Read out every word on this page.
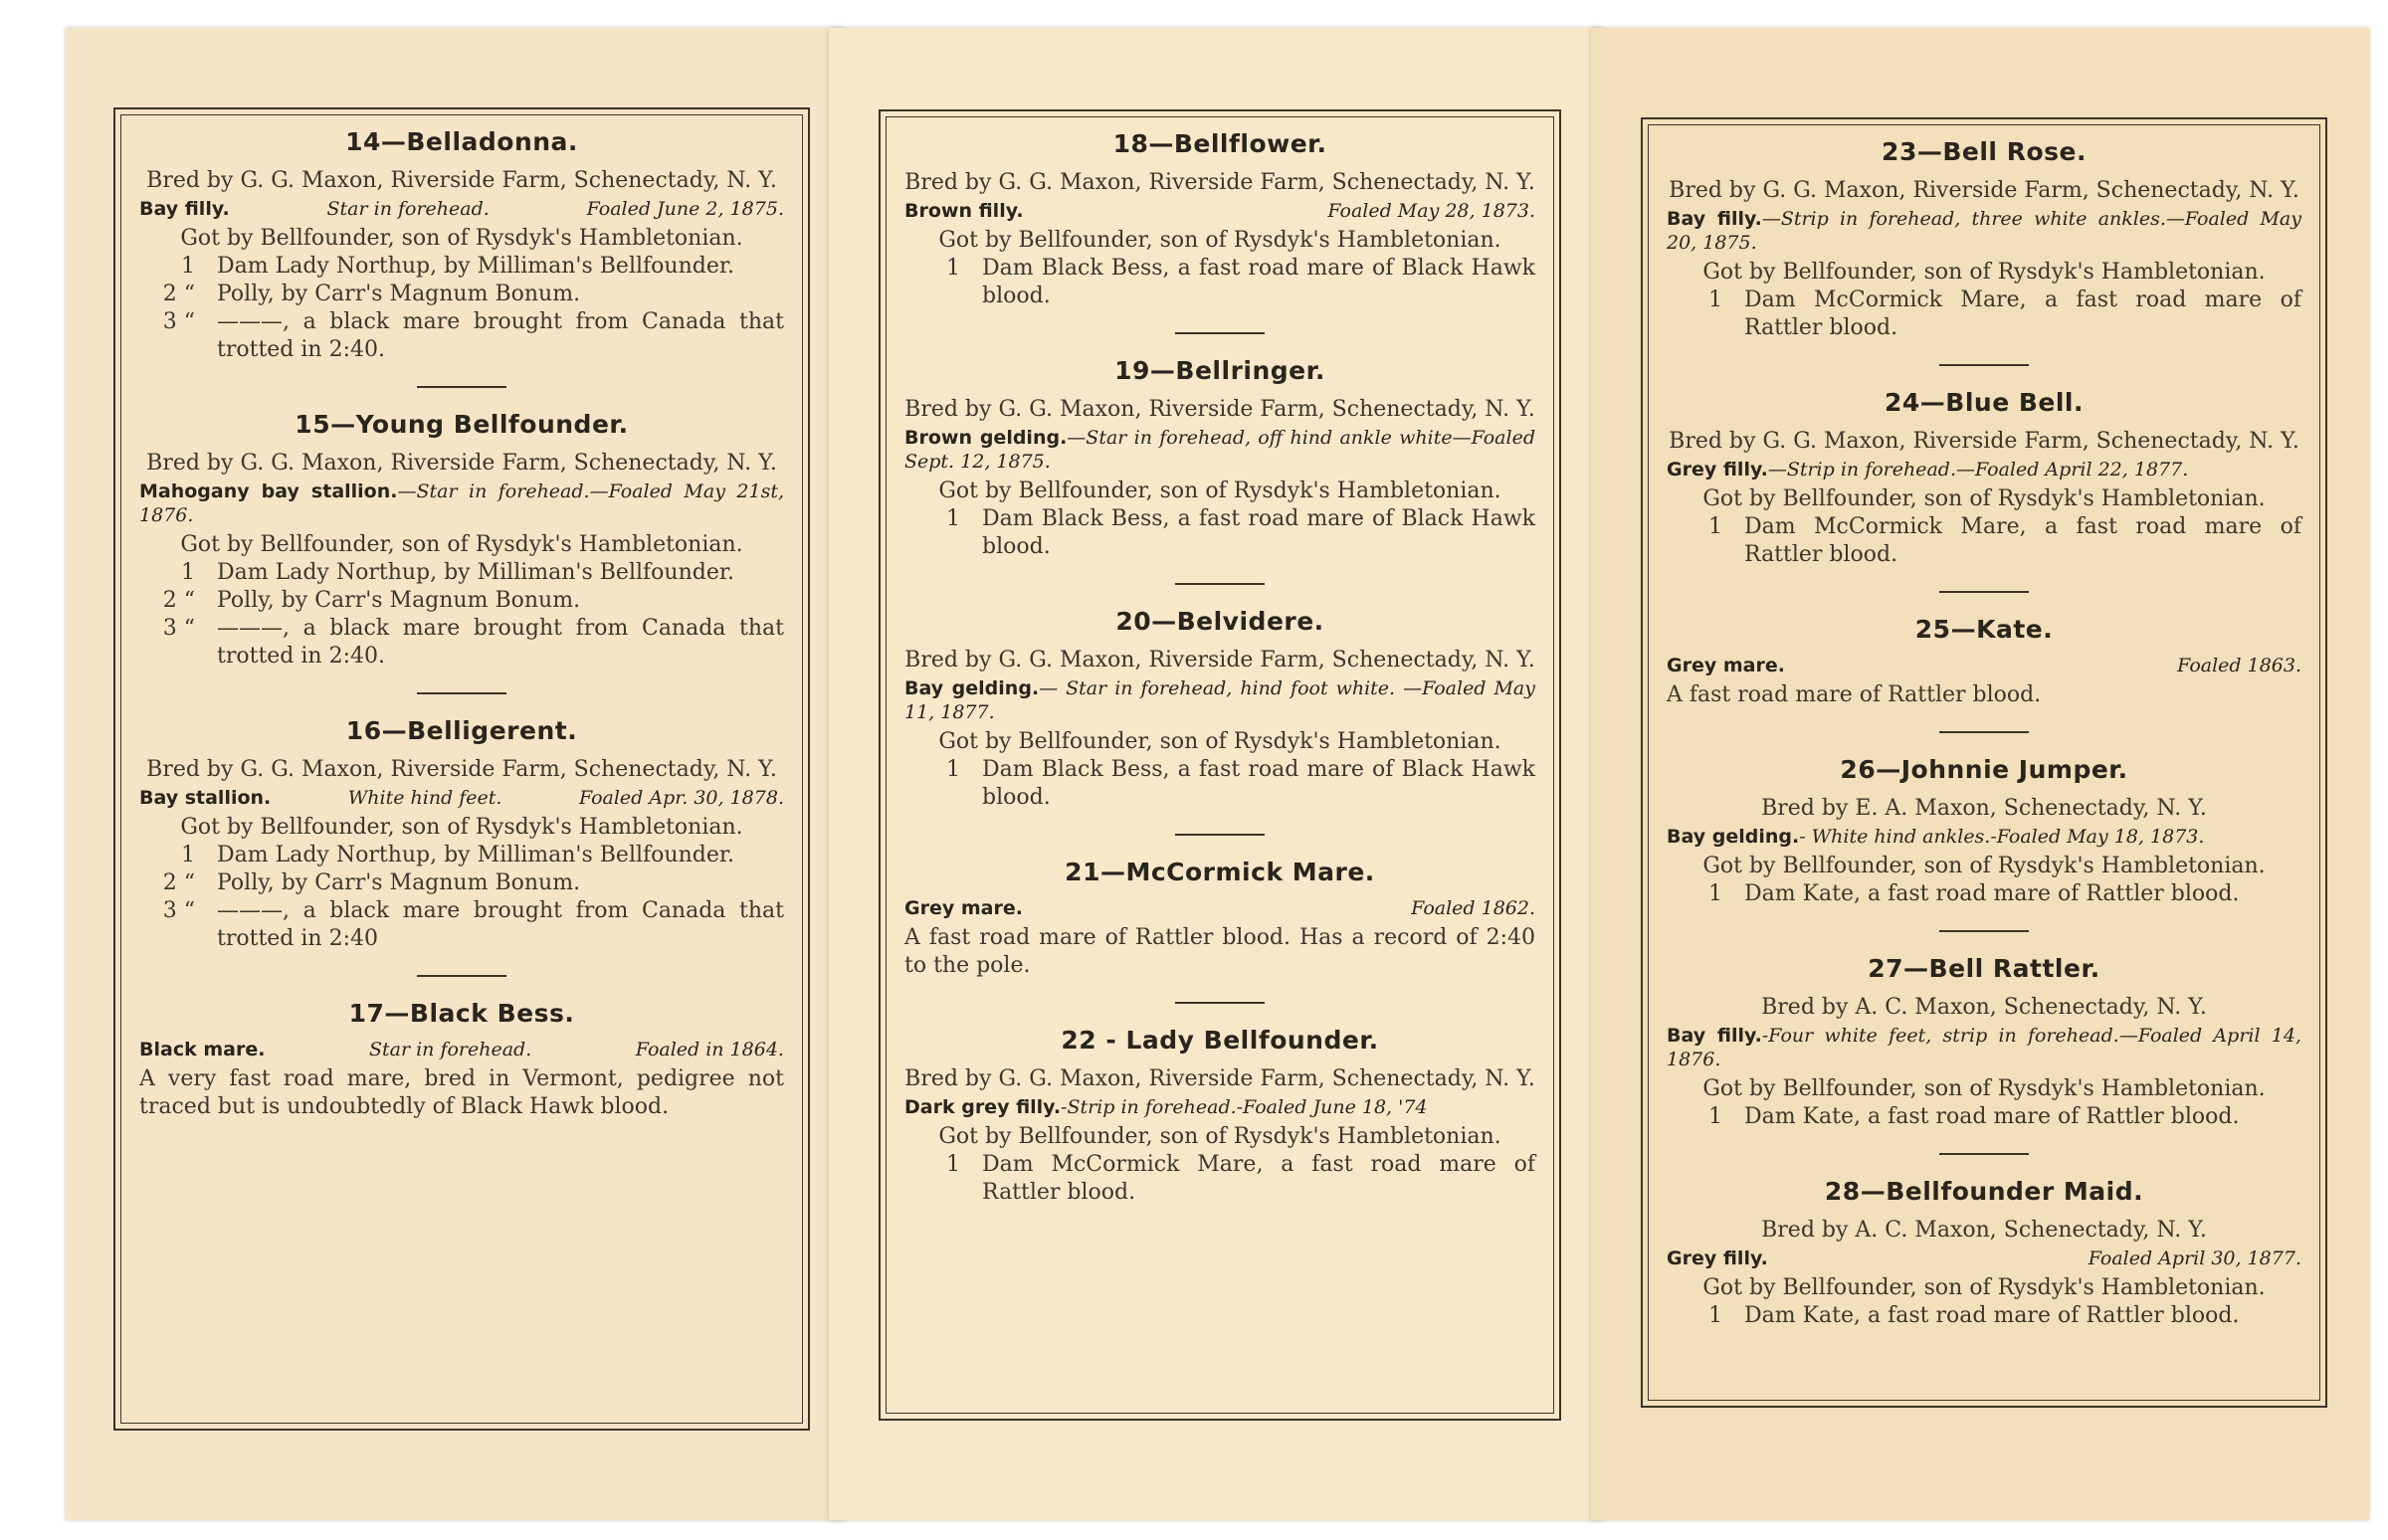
14—Belladonna.
Bred by G. G. Maxon, Riverside Farm, Schenectady, N. Y.
Bay filly.	Star in forehead.	Foaled June 2, 1875.
Got by Bellfounder, son of Rysdyk's Hambletonian.
1	Dam Lady Northup, by Milliman's Bellfounder.
2 “	Polly, by Carr's Magnum Bonum.
3 “	———, a black mare brought from Canada that trotted in 2:40.
15—Young Bellfounder.
Bred by G. G. Maxon, Riverside Farm, Schenectady, N. Y.
Mahogany bay stallion.—Star in forehead.—Foaled May 21st, 1876.
Got by Bellfounder, son of Rysdyk's Hambletonian.
1	Dam Lady Northup, by Milliman's Bellfounder.
2 “	Polly, by Carr's Magnum Bonum.
3 “	———, a black mare brought from Canada that trotted in 2:40.
16—Belligerent.
Bred by G. G. Maxon, Riverside Farm, Schenectady, N. Y.
Bay stallion.	White hind feet.	Foaled Apr. 30, 1878.
Got by Bellfounder, son of Rysdyk's Hambletonian.
1	Dam Lady Northup, by Milliman's Bellfounder.
2 “	Polly, by Carr's Magnum Bonum.
3 “	———, a black mare brought from Canada that trotted in 2:40
17—Black Bess.
Black mare.	Star in forehead.	Foaled in 1864.
A very fast road mare, bred in Vermont, pedigree not traced but is undoubtedly of Black Hawk blood.
18—Bellflower.
Bred by G. G. Maxon, Riverside Farm, Schenectady, N. Y.
Brown filly.	Foaled May 28, 1873.
Got by Bellfounder, son of Rysdyk's Hambletonian.
1	Dam Black Bess, a fast road mare of Black Hawk blood.
19—Bellringer.
Bred by G. G. Maxon, Riverside Farm, Schenectady, N. Y.
Brown gelding.—Star in forehead, off hind ankle white—Foaled Sept. 12, 1875.
Got by Bellfounder, son of Rysdyk's Hambletonian.
1	Dam Black Bess, a fast road mare of Black Hawk blood.
20—Belvidere.
Bred by G. G. Maxon, Riverside Farm, Schenectady, N. Y.
Bay gelding.— Star in forehead, hind foot white. —Foaled May 11, 1877.
Got by Bellfounder, son of Rysdyk's Hambletonian.
1	Dam Black Bess, a fast road mare of Black Hawk blood.
21—McCormick Mare.
Grey mare.	Foaled 1862.
A fast road mare of Rattler blood. Has a record of 2:40 to the pole.
22 - Lady Bellfounder.
Bred by G. G. Maxon, Riverside Farm, Schenectady, N. Y.
Dark grey filly.-Strip in forehead.-Foaled June 18, '74
Got by Bellfounder, son of Rysdyk's Hambletonian.
1	Dam McCormick Mare, a fast road mare of Rattler blood.
23—Bell Rose.
Bred by G. G. Maxon, Riverside Farm, Schenectady, N. Y.
Bay filly.—Strip in forehead, three white ankles.—Foaled May 20, 1875.
Got by Bellfounder, son of Rysdyk's Hambletonian.
1	Dam McCormick Mare, a fast road mare of Rattler blood.
24—Blue Bell.
Bred by G. G. Maxon, Riverside Farm, Schenectady, N. Y.
Grey filly.—Strip in forehead.—Foaled April 22, 1877.
Got by Bellfounder, son of Rysdyk's Hambletonian.
1	Dam McCormick Mare, a fast road mare of Rattler blood.
25—Kate.
Grey mare.	Foaled 1863.
A fast road mare of Rattler blood.
26—Johnnie Jumper.
Bred by E. A. Maxon, Schenectady, N. Y.
Bay gelding.- White hind ankles.-Foaled May 18, 1873.
Got by Bellfounder, son of Rysdyk's Hambletonian.
1	Dam Kate, a fast road mare of Rattler blood.
27—Bell Rattler.
Bred by A. C. Maxon, Schenectady, N. Y.
Bay filly.-Four white feet, strip in forehead.—Foaled April 14, 1876.
Got by Bellfounder, son of Rysdyk's Hambletonian.
1	Dam Kate, a fast road mare of Rattler blood.
28—Bellfounder Maid.
Bred by A. C. Maxon, Schenectady, N. Y.
Grey filly.	Foaled April 30, 1877.
Got by Bellfounder, son of Rysdyk's Hambletonian.
1	Dam Kate, a fast road mare of Rattler blood.
